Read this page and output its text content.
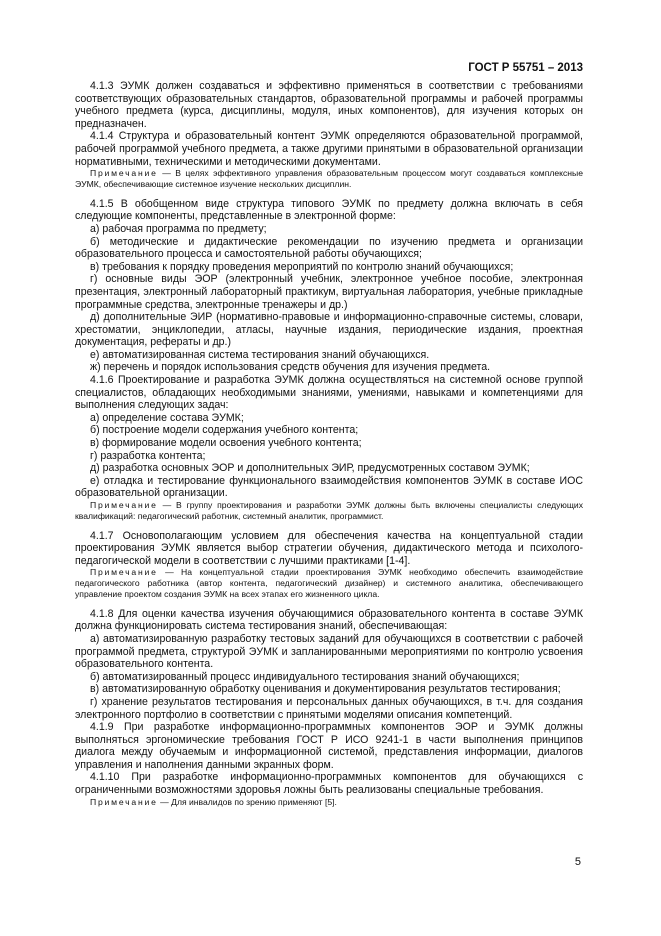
ГОСТ Р 55751 – 2013

4.1.3 ЭУМК должен создаваться и эффективно применяться в соответствии с требованиями соответствующих образовательных стандартов, образовательной программы и рабочей программы учебного предмета (курса, дисциплины, модуля, иных компонентов), для изучения которых он предназначен.

4.1.4 Структура и образовательный контент ЭУМК определяются образовательной программой, рабочей программой учебного предмета, а также другими принятыми в образовательной организации нормативными, техническими и методическими документами.

Примечание — В целях эффективного управления образовательным процессом могут создаваться комплексные ЭУМК, обеспечивающие системное изучение нескольких дисциплин.

4.1.5 В обобщенном виде структура типового ЭУМК по предмету должна включать в себя следующие компоненты, представленные в электронной форме:

а) рабочая программа по предмету;

б) методические и дидактические рекомендации по изучению предмета и организации образовательного процесса и самостоятельной работы обучающихся;

в) требования к порядку проведения мероприятий по контролю знаний обучающихся;

г) основные виды ЭОР (электронный учебник, электронное учебное пособие, электронная презентация, электронный лабораторный практикум, виртуальная лаборатория, учебные прикладные программные средства, электронные тренажеры и др.)

д) дополнительные ЭИР (нормативно-правовые и информационно-справочные системы, словари, хрестоматии, энциклопедии, атласы, научные издания, периодические издания, проектная документация, рефераты и др.)

е) автоматизированная система тестирования знаний обучающихся.

ж) перечень и порядок использования средств обучения для изучения предмета.

4.1.6 Проектирование и разработка ЭУМК должна осуществляться на системной основе группой специалистов, обладающих необходимыми знаниями, умениями, навыками и компетенциями для выполнения следующих задач:

а) определение состава ЭУМК;

б) построение модели содержания учебного контента;

в) формирование модели освоения учебного контента;

г) разработка контента;

д) разработка основных ЭОР и дополнительных ЭИР, предусмотренных составом ЭУМК;

е) отладка и тестирование функционального взаимодействия компонентов ЭУМК в составе ИОС образовательной организации.

Примечание — В группу проектирования и разработки ЭУМК должны быть включены специалисты следующих квалификаций: педагогический работник, системный аналитик, программист.

4.1.7 Основополагающим условием для обеспечения качества на концептуальной стадии проектирования ЭУМК является выбор стратегии обучения, дидактического метода и психолого-педагогической модели в соответствии с лучшими практиками [1-4].

Примечание — На концептуальной стадии проектирования ЭУМК необходимо обеспечить взаимодействие педагогического работника (автор контента, педагогический дизайнер) и системного аналитика, обеспечивающего управление проектом создания ЭУМК на всех этапах его жизненного цикла.

4.1.8 Для оценки качества изучения обучающимися образовательного контента в составе ЭУМК должна функционировать система тестирования знаний, обеспечивающая:

а) автоматизированную разработку тестовых заданий для обучающихся в соответствии с рабочей программой предмета, структурой ЭУМК и запланированными мероприятиями по контролю усвоения образовательного контента.

б) автоматизированный процесс индивидуального тестирования знаний обучающихся;

в) автоматизированную обработку оценивания и документирования результатов тестирования;

г) хранение результатов тестирования и персональных данных обучающихся, в т.ч. для создания электронного портфолио в соответствии с принятыми моделями описания компетенций.

4.1.9 При разработке информационно-программных компонентов ЭОР и ЭУМК должны выполняться эргономические требования ГОСТ Р ИСО 9241-1 в части выполнения принципов диалога между обучаемым и информационной системой, представления информации, диалогов управления и наполнения данными экранных форм.

4.1.10 При разработке информационно-программных компонентов для обучающихся с ограниченными возможностями здоровья ложны быть реализованы специальные требования.

Примечание — Для инвалидов по зрению применяют [5].

5
